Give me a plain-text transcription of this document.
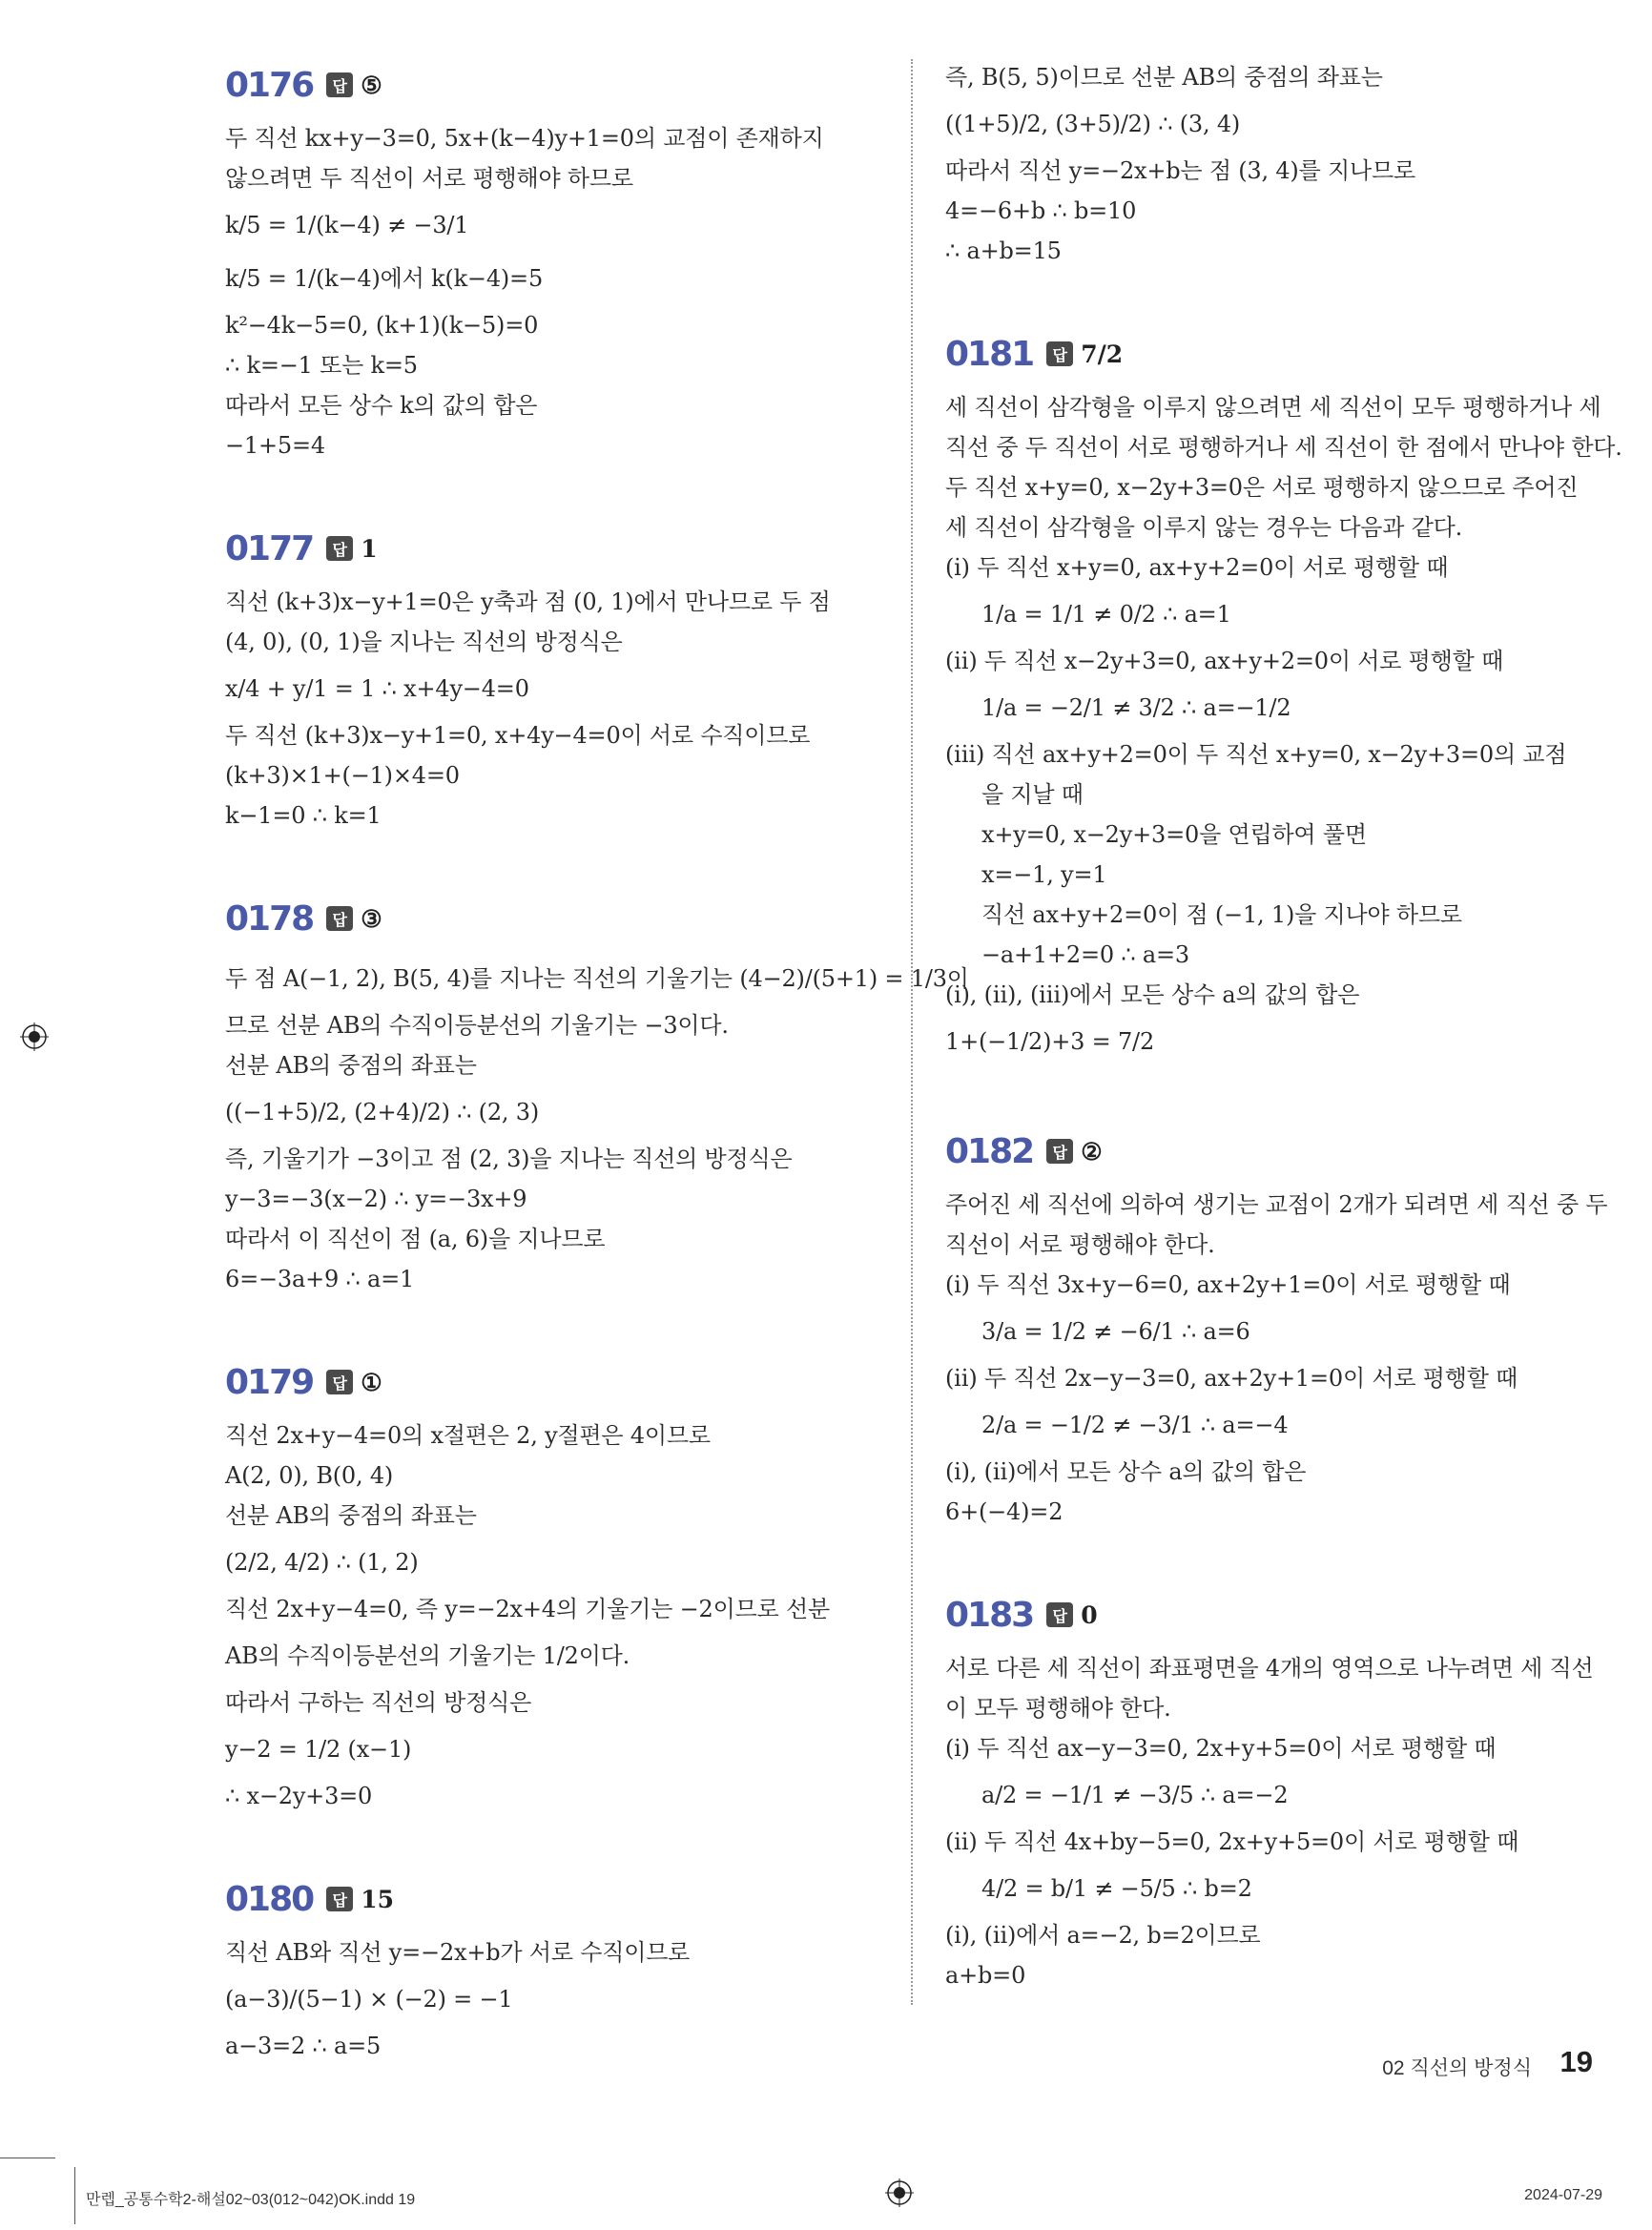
0176	답 ⑤
두 직선 kx+y−3=0, 5x+(k−4)y+1=0의 교점이 존재하지
않으려면 두 직선이 서로 평행해야 하므로
k/5 = 1/(k−4) ≠ −3/1
k/5 = 1/(k−4)에서 k(k−4)=5
k²−4k−5=0, (k+1)(k−5)=0
∴ k=−1 또는 k=5
따라서 모든 상수 k의 값의 합은
−1+5=4
0177	답 1
직선 (k+3)x−y+1=0은 y축과 점 (0, 1)에서 만나므로 두 점
(4, 0), (0, 1)을 지나는 직선의 방정식은
x/4 + y/1 = 1 ∴ x+4y−4=0
두 직선 (k+3)x−y+1=0, x+4y−4=0이 서로 수직이므로
(k+3)×1+(−1)×4=0
k−1=0 ∴ k=1
0178	답 ③
두 점 A(−1, 2), B(5, 4)를 지나는 직선의 기울기는 (4−2)/(5+1) = 1/3이
므로 선분 AB의 수직이등분선의 기울기는 −3이다.
선분 AB의 중점의 좌표는
((−1+5)/2, (2+4)/2) ∴ (2, 3)
즉, 기울기가 −3이고 점 (2, 3)을 지나는 직선의 방정식은
y−3=−3(x−2) ∴ y=−3x+9
따라서 이 직선이 점 (a, 6)을 지나므로
6=−3a+9 ∴ a=1
0179	답 ①
직선 2x+y−4=0의 x절편은 2, y절편은 4이므로
A(2, 0), B(0, 4)
선분 AB의 중점의 좌표는
(2/2, 4/2) ∴ (1, 2)
직선 2x+y−4=0, 즉 y=−2x+4의 기울기는 −2이므로 선분
AB의 수직이등분선의 기울기는 1/2이다.
따라서 구하는 직선의 방정식은
y−2 = 1/2 (x−1)
∴ x−2y+3=0
0180	답 15
직선 AB와 직선 y=−2x+b가 서로 수직이므로
(a−3)/(5−1) × (−2) = −1
a−3=2 ∴ a=5
즉, B(5, 5)이므로 선분 AB의 중점의 좌표는
((1+5)/2, (3+5)/2) ∴ (3, 4)
따라서 직선 y=−2x+b는 점 (3, 4)를 지나므로
4=−6+b ∴ b=10
∴ a+b=15
0181	답 7/2
세 직선이 삼각형을 이루지 않으려면 세 직선이 모두 평행하거나 세
직선 중 두 직선이 서로 평행하거나 세 직선이 한 점에서 만나야 한다.
두 직선 x+y=0, x−2y+3=0은 서로 평행하지 않으므로 주어진
세 직선이 삼각형을 이루지 않는 경우는 다음과 같다.
(ⅰ) 두 직선 x+y=0, ax+y+2=0이 서로 평행할 때
1/a = 1/1 ≠ 0/2 ∴ a=1
(ⅱ) 두 직선 x−2y+3=0, ax+y+2=0이 서로 평행할 때
1/a = −2/1 ≠ 3/2 ∴ a=−1/2
(ⅲ) 직선 ax+y+2=0이 두 직선 x+y=0, x−2y+3=0의 교점
을 지날 때
x+y=0, x−2y+3=0을 연립하여 풀면
x=−1, y=1
직선 ax+y+2=0이 점 (−1, 1)을 지나야 하므로
−a+1+2=0 ∴ a=3
(ⅰ), (ⅱ), (ⅲ)에서 모든 상수 a의 값의 합은
1+(−1/2)+3 = 7/2
0182	답 ②
주어진 세 직선에 의하여 생기는 교점이 2개가 되려면 세 직선 중 두
직선이 서로 평행해야 한다.
(ⅰ) 두 직선 3x+y−6=0, ax+2y+1=0이 서로 평행할 때
3/a = 1/2 ≠ −6/1 ∴ a=6
(ⅱ) 두 직선 2x−y−3=0, ax+2y+1=0이 서로 평행할 때
2/a = −1/2 ≠ −3/1 ∴ a=−4
(ⅰ), (ⅱ)에서 모든 상수 a의 값의 합은
6+(−4)=2
0183	답 0
서로 다른 세 직선이 좌표평면을 4개의 영역으로 나누려면 세 직선
이 모두 평행해야 한다.
(ⅰ) 두 직선 ax−y−3=0, 2x+y+5=0이 서로 평행할 때
a/2 = −1/1 ≠ −3/5 ∴ a=−2
(ⅱ) 두 직선 4x+by−5=0, 2x+y+5=0이 서로 평행할 때
4/2 = b/1 ≠ −5/5 ∴ b=2
(ⅰ), (ⅱ)에서 a=−2, b=2이므로
a+b=0
02 직선의 방정식 19
만렙_공통수학2-해설02~03(012~042)OK.indd 19	2024-07-29
